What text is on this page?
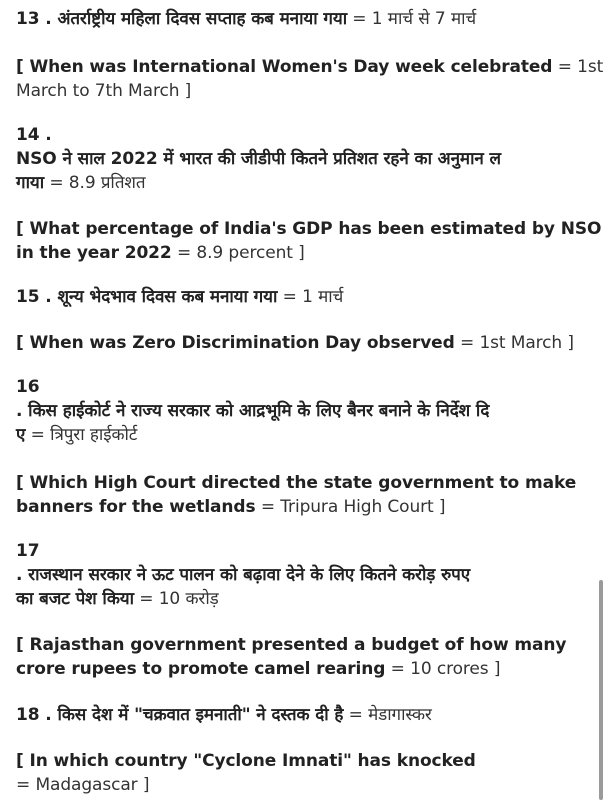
13 . अंतर्राष्ट्रीय महिला दिवस सप्ताह कब मनाया गया = 1 मार्च से 7 मार्च
[ When was International Women's Day week celebrated = 1st
March to 7th March ]
14 .
NSO ने साल 2022 में भारत की जीडीपी कितने प्रतिशत रहने का अनुमान ल
गाया = 8.9 प्रतिशत
[ What percentage of India's GDP has been estimated by NSO
in the year 2022 = 8.9 percent ]
15 . शून्य भेदभाव दिवस कब मनाया गया = 1 मार्च
[ When was Zero Discrimination Day observed = 1st March ]
16
. किस हाईकोर्ट ने राज्य सरकार को आद्रभूमि के लिए बैनर बनाने के निर्देश दि
ए = त्रिपुरा हाईकोर्ट
[ Which High Court directed the state government to make
banners for the wetlands = Tripura High Court ]
17
. राजस्थान सरकार ने ऊट पालन को बढ़ावा देने के लिए कितने करोड़ रुपए
का बजट पेश किया = 10 करोड़
[ Rajasthan government presented a budget of how many
crore rupees to promote camel rearing = 10 crores ]
18 . किस देश में "चक्रवात इमनाती" ने दस्तक दी है = मेडागास्कर
[ In which country "Cyclone Imnati" has knocked
= Madagascar ]
